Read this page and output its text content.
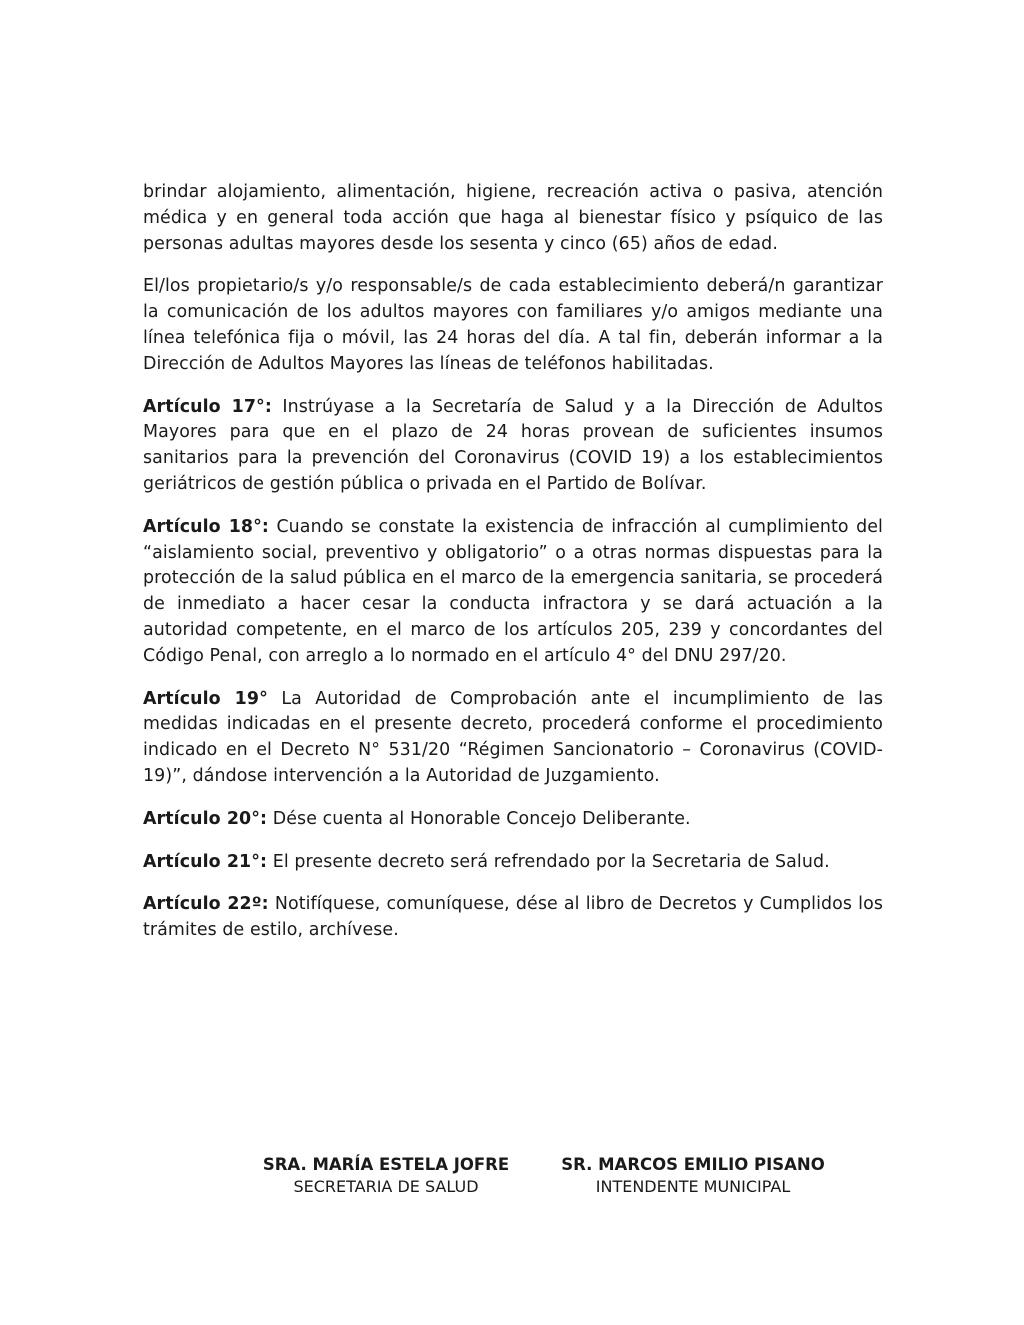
brindar alojamiento, alimentación, higiene, recreación activa o pasiva, atención médica y en general toda acción que haga al bienestar físico y psíquico de las personas adultas mayores desde los sesenta y cinco (65) años de edad.

El/los propietario/s y/o responsable/s de cada establecimiento deberá/n garantizar la comunicación de los adultos mayores con familiares y/o amigos mediante una línea telefónica fija o móvil, las 24 horas del día. A tal fin, deberán informar a la Dirección de Adultos Mayores las líneas de teléfonos habilitadas.

Artículo 17°: Instrúyase a la Secretaría de Salud y a la Dirección de Adultos Mayores para que en el plazo de 24 horas provean de suficientes insumos sanitarios para la prevención del Coronavirus (COVID 19) a los establecimientos geriátricos de gestión pública o privada en el Partido de Bolívar.

Artículo 18°: Cuando se constate la existencia de infracción al cumplimiento del “aislamiento social, preventivo y obligatorio” o a otras normas dispuestas para la protección de la salud pública en el marco de la emergencia sanitaria, se procederá de inmediato a hacer cesar la conducta infractora y se dará actuación a la autoridad competente, en el marco de los artículos 205, 239 y concordantes del Código Penal, con arreglo a lo normado en el artículo 4° del DNU 297/20.

Artículo 19° La Autoridad de Comprobación ante el incumplimiento de las medidas indicadas en el presente decreto, procederá conforme el procedimiento indicado en el Decreto N° 531/20 “Régimen Sancionatorio – Coronavirus (COVID-19)”, dándose intervención a la Autoridad de Juzgamiento.

Artículo 20°: Dése cuenta al Honorable Concejo Deliberante.

Artículo 21°: El presente decreto será refrendado por la Secretaria de Salud.

Artículo 22º: Notifíquese, comuníquese, dése al libro de Decretos y Cumplidos los trámites de estilo, archívese.

SRA. MARÍA ESTELA JOFRE
SECRETARIA DE SALUD
SR. MARCOS EMILIO PISANO
INTENDENTE MUNICIPAL
